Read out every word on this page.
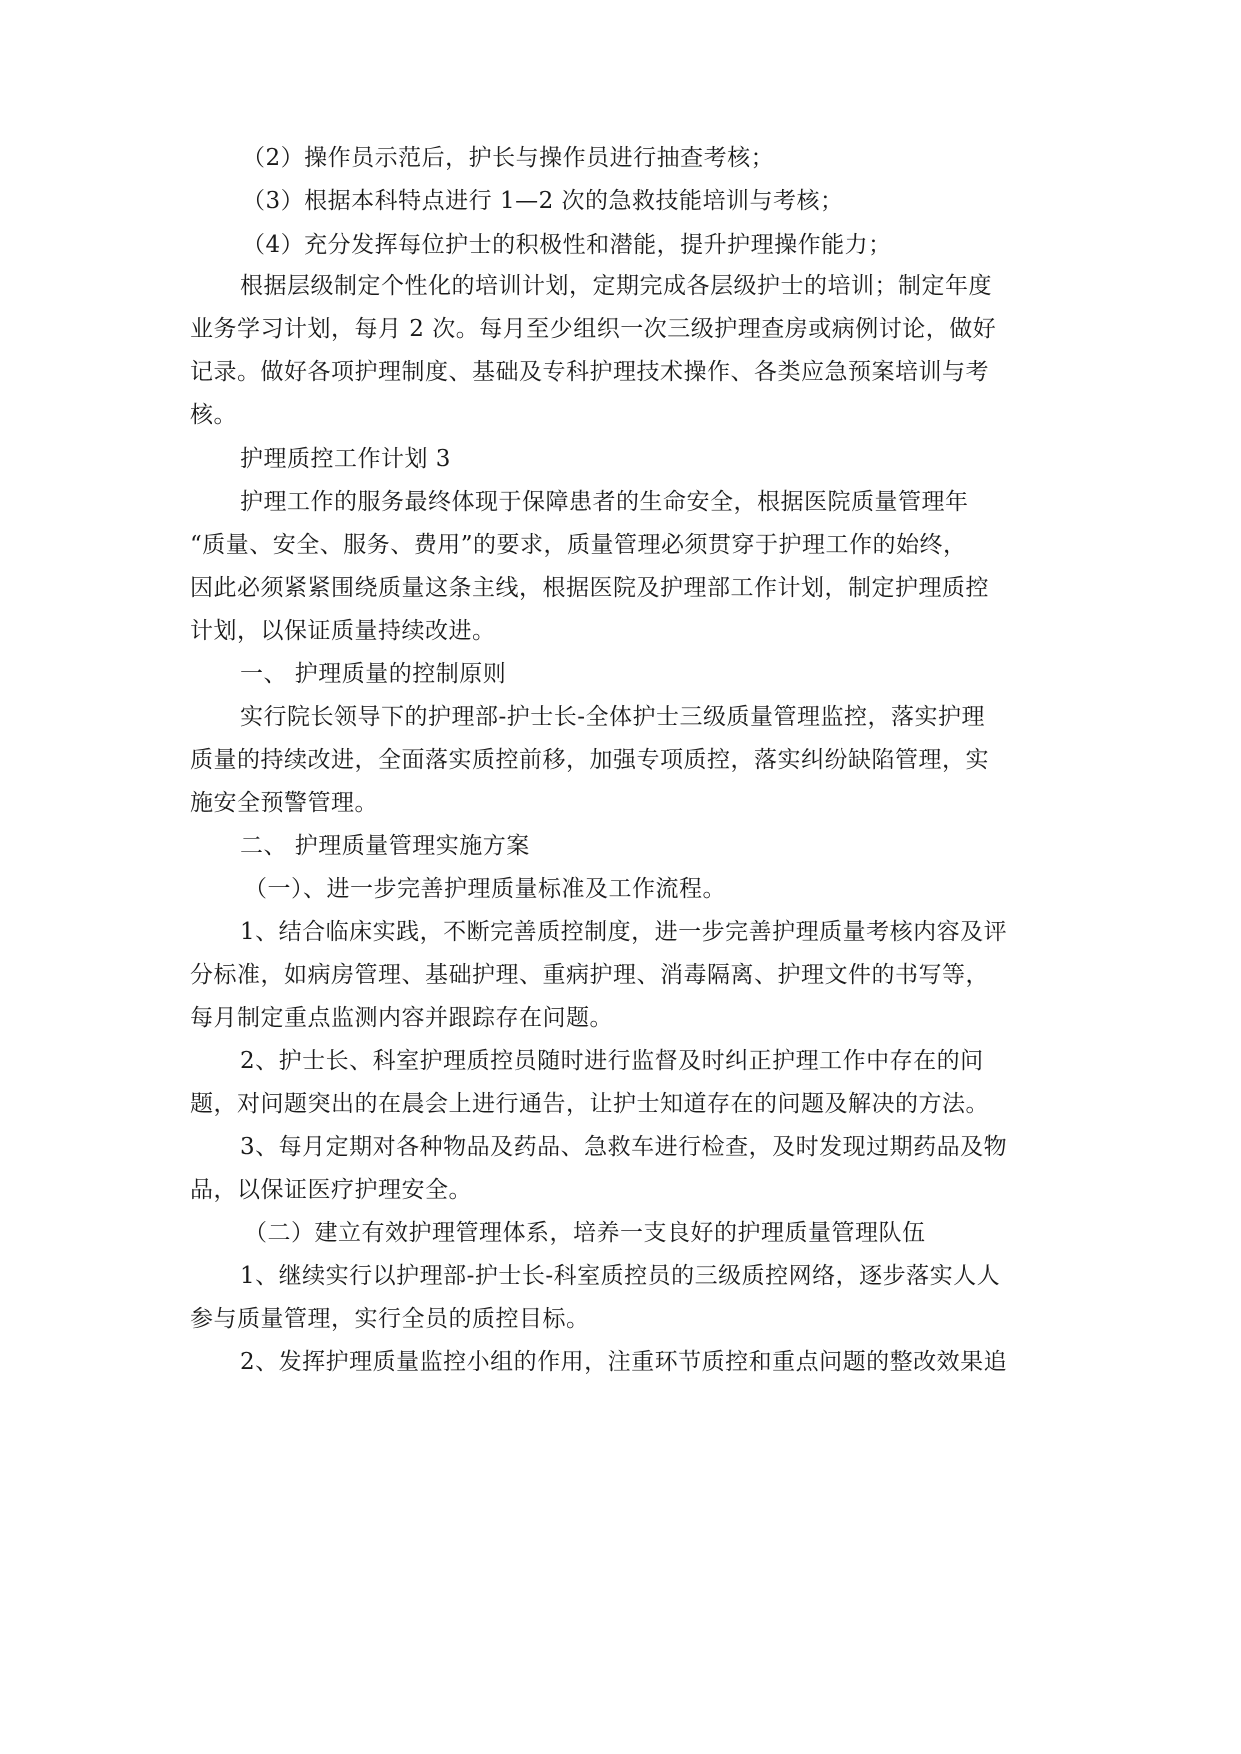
（2）操作员示范后，护长与操作员进行抽查考核；
（3）根据本科特点进行 1—2 次的急救技能培训与考核；
（4）充分发挥每位护士的积极性和潜能，提升护理操作能力；
根据层级制定个性化的培训计划，定期完成各层级护士的培训；制定年度
业务学习计划，每月 2 次。每月至少组织一次三级护理查房或病例讨论，做好
记录。做好各项护理制度、基础及专科护理技术操作、各类应急预案培训与考
核。
护理质控工作计划 3
护理工作的服务最终体现于保障患者的生命安全，根据医院质量管理年
“质量、安全、服务、费用”的要求，质量管理必须贯穿于护理工作的始终，
因此必须紧紧围绕质量这条主线，根据医院及护理部工作计划，制定护理质控
计划，以保证质量持续改进。
一、 护理质量的控制原则
实行院长领导下的护理部-护士长-全体护士三级质量管理监控，落实护理
质量的持续改进，全面落实质控前移，加强专项质控，落实纠纷缺陷管理，实
施安全预警管理。
二、 护理质量管理实施方案
（一）、进一步完善护理质量标准及工作流程。
1、结合临床实践，不断完善质控制度，进一步完善护理质量考核内容及评
分标准，如病房管理、基础护理、重病护理、消毒隔离、护理文件的书写等，
每月制定重点监测内容并跟踪存在问题。
2、护士长、科室护理质控员随时进行监督及时纠正护理工作中存在的问
题，对问题突出的在晨会上进行通告，让护士知道存在的问题及解决的方法。
3、每月定期对各种物品及药品、急救车进行检查，及时发现过期药品及物
品，以保证医疗护理安全。
（二）建立有效护理管理体系，培养一支良好的护理质量管理队伍
1、继续实行以护理部-护士长-科室质控员的三级质控网络，逐步落实人人
参与质量管理，实行全员的质控目标。
2、发挥护理质量监控小组的作用，注重环节质控和重点问题的整改效果追
